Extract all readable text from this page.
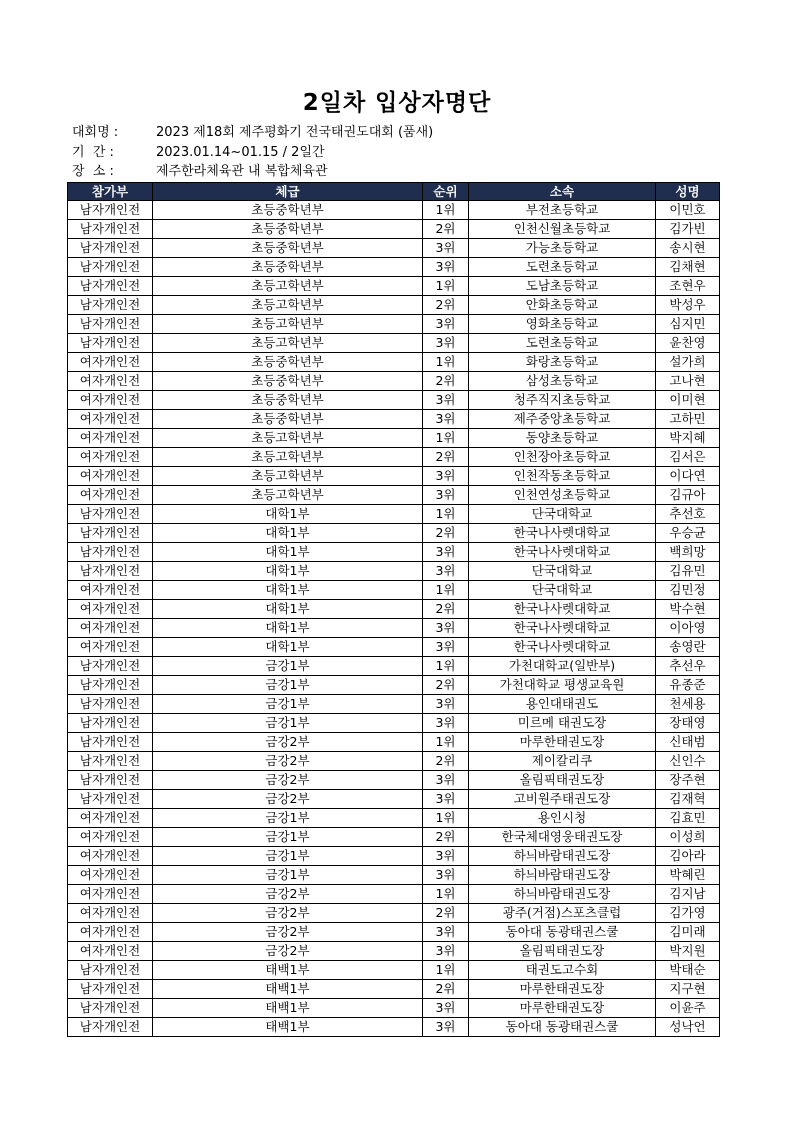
2일차 입상자명단
대회명 :	2023 제18회 제주평화기 전국태권도대회 (품새)
기  간 :	2023.01.14~01.15 / 2일간
장  소 :	제주한라체육관 내 복합체육관
참가부	체급	순위	소속	성명
남자개인전	초등중학년부	1위	부전초등학교	이민호
남자개인전	초등중학년부	2위	인천신월초등학교	김가빈
남자개인전	초등중학년부	3위	가능초등학교	송시현
남자개인전	초등중학년부	3위	도련초등학교	김채현
남자개인전	초등고학년부	1위	도남초등학교	조현우
남자개인전	초등고학년부	2위	안화초등학교	박성우
남자개인전	초등고학년부	3위	영화초등학교	심지민
남자개인전	초등고학년부	3위	도련초등학교	윤찬영
여자개인전	초등중학년부	1위	화랑초등학교	설가희
여자개인전	초등중학년부	2위	삼성초등학교	고나현
여자개인전	초등중학년부	3위	청주직지초등학교	이미현
여자개인전	초등중학년부	3위	제주중앙초등학교	고하민
여자개인전	초등고학년부	1위	동양초등학교	박지혜
여자개인전	초등고학년부	2위	인천장아초등학교	김서은
여자개인전	초등고학년부	3위	인천작동초등학교	이다연
여자개인전	초등고학년부	3위	인천연성초등학교	김규아
남자개인전	대학1부	1위	단국대학교	추선호
남자개인전	대학1부	2위	한국나사렛대학교	우승균
남자개인전	대학1부	3위	한국나사렛대학교	백희망
남자개인전	대학1부	3위	단국대학교	김유민
여자개인전	대학1부	1위	단국대학교	김민정
여자개인전	대학1부	2위	한국나사렛대학교	박수현
여자개인전	대학1부	3위	한국나사렛대학교	이아영
여자개인전	대학1부	3위	한국나사렛대학교	송영란
남자개인전	금강1부	1위	가천대학교(일반부)	추선우
남자개인전	금강1부	2위	가천대학교 평생교육원	유종준
남자개인전	금강1부	3위	용인대태권도	천세용
남자개인전	금강1부	3위	미르메 태권도장	장태영
남자개인전	금강2부	1위	마루한태권도장	신태범
남자개인전	금강2부	2위	제이칼리쿠	신인수
남자개인전	금강2부	3위	올림픽태권도장	장주현
남자개인전	금강2부	3위	고비원주태권도장	김재혁
여자개인전	금강1부	1위	용인시청	김효민
여자개인전	금강1부	2위	한국체대영웅태권도장	이성희
여자개인전	금강1부	3위	하늬바람태권도장	김아라
여자개인전	금강1부	3위	하늬바람태권도장	박혜린
여자개인전	금강2부	1위	하늬바람태권도장	김지남
여자개인전	금강2부	2위	광주(거점)스포츠클럽	김가영
여자개인전	금강2부	3위	동아대 동광태권스쿨	김미래
여자개인전	금강2부	3위	올림픽태권도장	박지원
남자개인전	태백1부	1위	태권도고수회	박태순
남자개인전	태백1부	2위	마루한태권도장	지구현
남자개인전	태백1부	3위	마루한태권도장	이윤주
남자개인전	태백1부	3위	동아대 동광태권스쿨	성낙언
